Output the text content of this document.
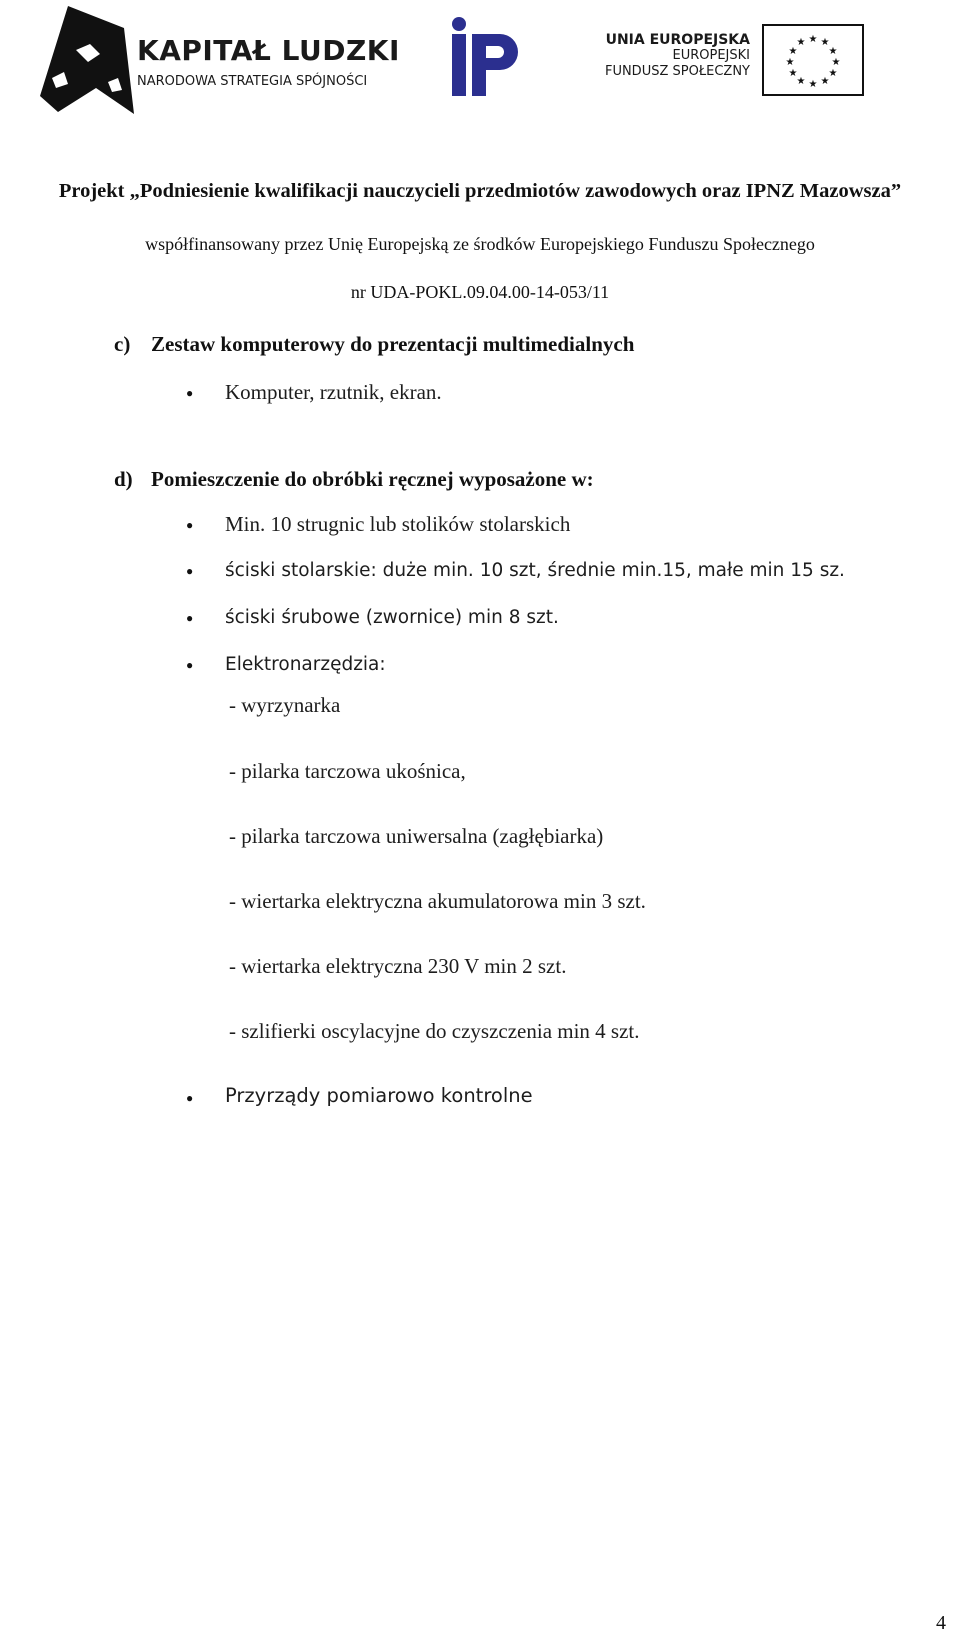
KAPITAŁ LUDZKI
NARODOWA STRATEGIA SPÓJNOŚCI
UNIA EUROPEJSKA
EUROPEJSKI
FUNDUSZ SPOŁECZNY
★ ★
★
★
★
★
★
★
★
★
★
★
Projekt „Podniesienie kwalifikacji nauczycieli przedmiotów zawodowych oraz IPNZ Mazowsza”
współfinansowany przez Unię Europejską ze środków Europejskiego Funduszu Społecznego
nr UDA-POKL.09.04.00-14-053/11
c) Zestaw komputerowy do prezentacji multimedialnych
●
Komputer, rzutnik, ekran.
d) Pomieszczenie do obróbki ręcznej wyposażone w:
●
Min. 10 strugnic lub stolików stolarskich
●
ściski stolarskie: duże min. 10 szt, średnie min.15, małe min 15 sz.
●
ściski śrubowe (zwornice) min 8 szt.
●
Elektronarzędzia:
- wyrzynarka
- pilarka tarczowa ukośnica,
- pilarka tarczowa uniwersalna (zagłębiarka)
- wiertarka elektryczna akumulatorowa min 3 szt.
- wiertarka elektryczna 230 V min 2 szt.
- szlifierki oscylacyjne do czyszczenia min 4 szt.
●
Przyrządy pomiarowo kontrolne
4
